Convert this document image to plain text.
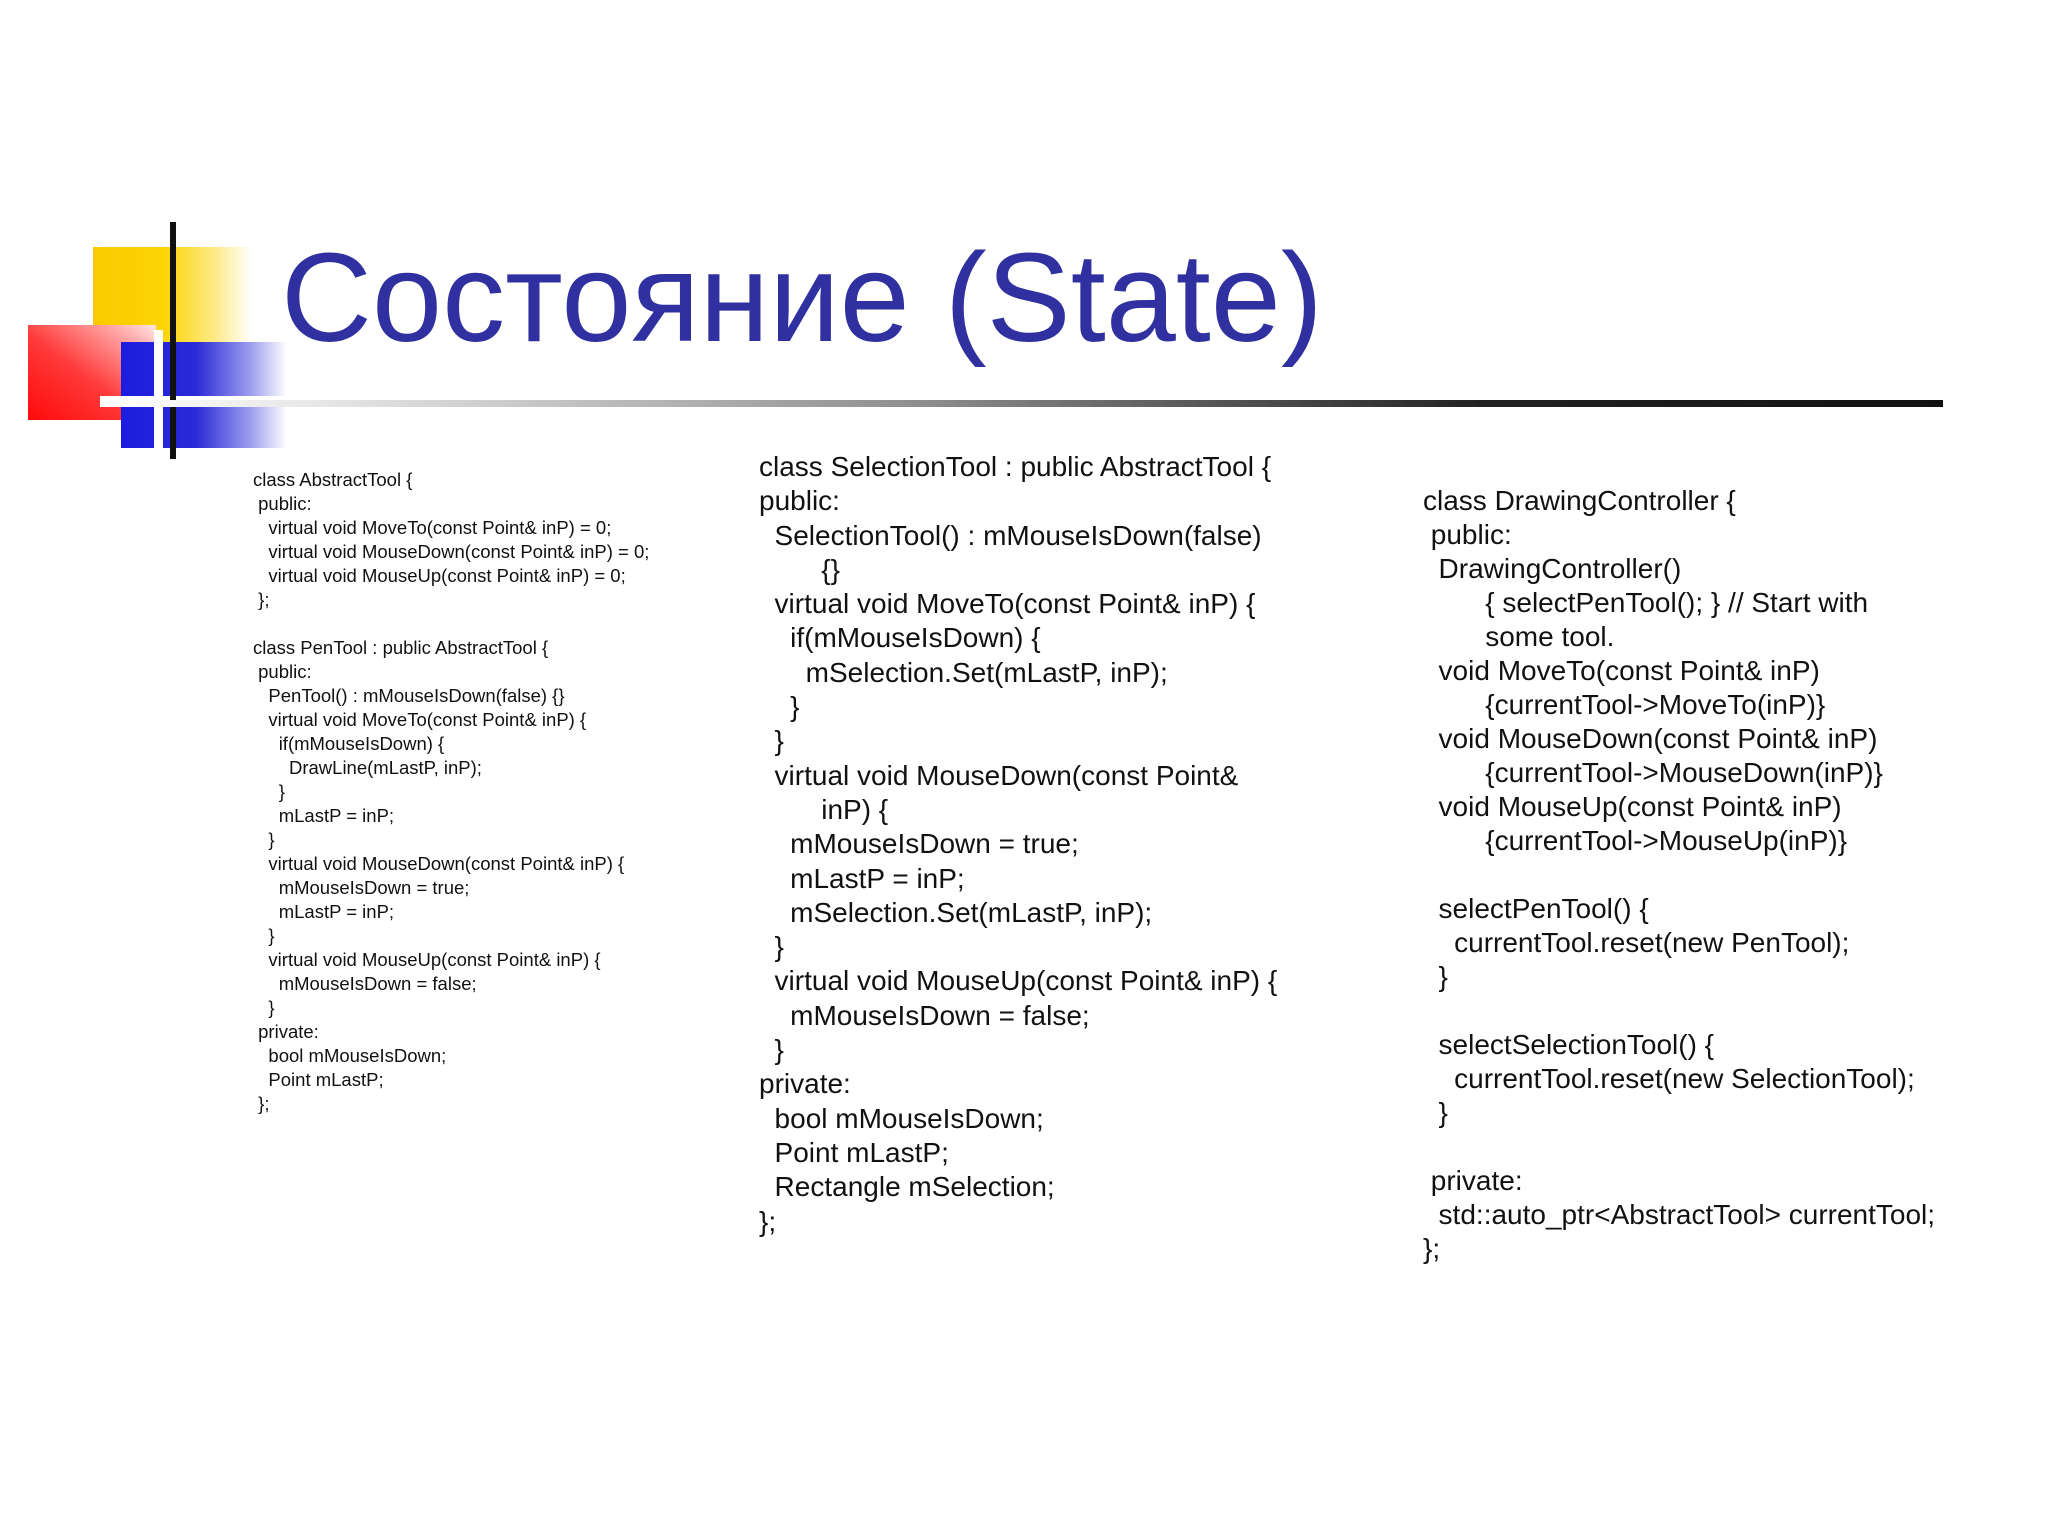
Состояние (State)
class AbstractTool {
public:
virtual void MoveTo(const Point& inP) = 0;
virtual void MouseDown(const Point& inP) = 0;
virtual void MouseUp(const Point& inP) = 0;
};

class PenTool : public AbstractTool {
public:
PenTool() : mMouseIsDown(false) {}
virtual void MoveTo(const Point& inP) {
if(mMouseIsDown) {
DrawLine(mLastP, inP);
}
mLastP = inP;
}
virtual void MouseDown(const Point& inP) {
mMouseIsDown = true;
mLastP = inP;
}
virtual void MouseUp(const Point& inP) {
mMouseIsDown = false;
}
private:
bool mMouseIsDown;
Point mLastP;
};
class SelectionTool : public AbstractTool {
public:
SelectionTool() : mMouseIsDown(false)
{}
virtual void MoveTo(const Point& inP) {
if(mMouseIsDown) {
mSelection.Set(mLastP, inP);
}
}
virtual void MouseDown(const Point&
inP) {
mMouseIsDown = true;
mLastP = inP;
mSelection.Set(mLastP, inP);
}
virtual void MouseUp(const Point& inP) {
mMouseIsDown = false;
}
private:
bool mMouseIsDown;
Point mLastP;
Rectangle mSelection;
};
class DrawingController {
public:
DrawingController()
{ selectPenTool(); } // Start with
some tool.
void MoveTo(const Point& inP)
{currentTool->MoveTo(inP)}
void MouseDown(const Point& inP)
{currentTool->MouseDown(inP)}
void MouseUp(const Point& inP)
{currentTool->MouseUp(inP)}

selectPenTool() {
currentTool.reset(new PenTool);
}

selectSelectionTool() {
currentTool.reset(new SelectionTool);
}

private:
std::auto_ptr<AbstractTool> currentTool;
};
